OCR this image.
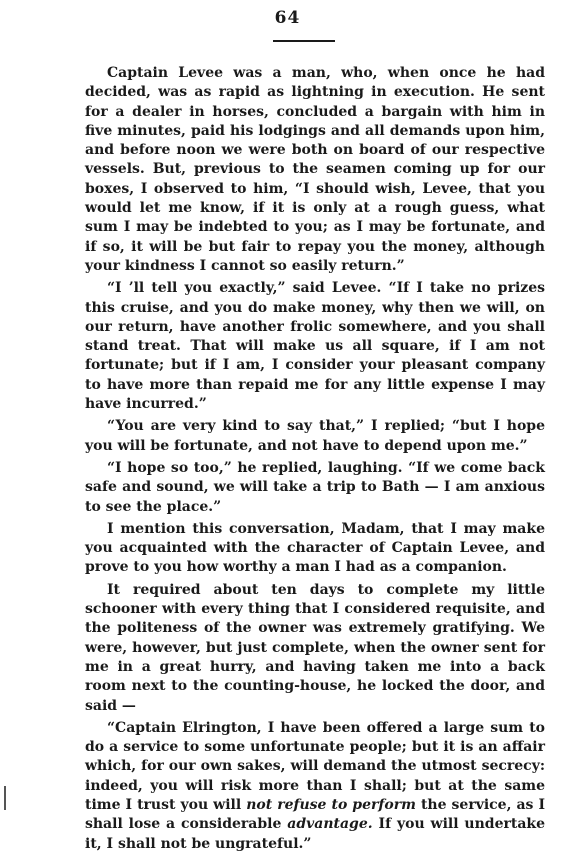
64

Captain Levee was a man, who, when once he had decided, was as rapid as lightning in execution. He sent for a dealer in horses, concluded a bargain with him in five minutes, paid his lodgings and all demands upon him, and before noon we were both on board of our respective vessels. But, previous to the seamen coming up for our boxes, I observed to him, “I should wish, Levee, that you would let me know, if it is only at a rough guess, what sum I may be indebted to you; as I may be fortunate, and if so, it will be but fair to repay you the money, although your kindness I cannot so easily return.”

“I ’ll tell you exactly,” said Levee. “If I take no prizes this cruise, and you do make money, why then we will, on our return, have another frolic somewhere, and you shall stand treat. That will make us all square, if I am not fortunate; but if I am, I consider your pleasant company to have more than repaid me for any little expense I may have incurred.”

“You are very kind to say that,” I replied; “but I hope you will be fortunate, and not have to depend upon me.”

“I hope so too,” he replied, laughing. “If we come back safe and sound, we will take a trip to Bath — I am anxious to see the place.”

I mention this conversation, Madam, that I may make you acquainted with the character of Captain Levee, and prove to you how worthy a man I had as a companion.

It required about ten days to complete my little schooner with every thing that I considered requisite, and the politeness of the owner was extremely gratifying. We were, however, but just complete, when the owner sent for me in a great hurry, and having taken me into a back room next to the counting-house, he locked the door, and said —

“Captain Elrington, I have been offered a large sum to do a service to some unfortunate people; but it is an affair which, for our own sakes, will demand the utmost secrecy: indeed, you will risk more than I shall; but at the same time I trust you will not refuse to perform the service, as I shall lose a considerable advantage. If you will undertake it, I shall not be ungrateful.”
